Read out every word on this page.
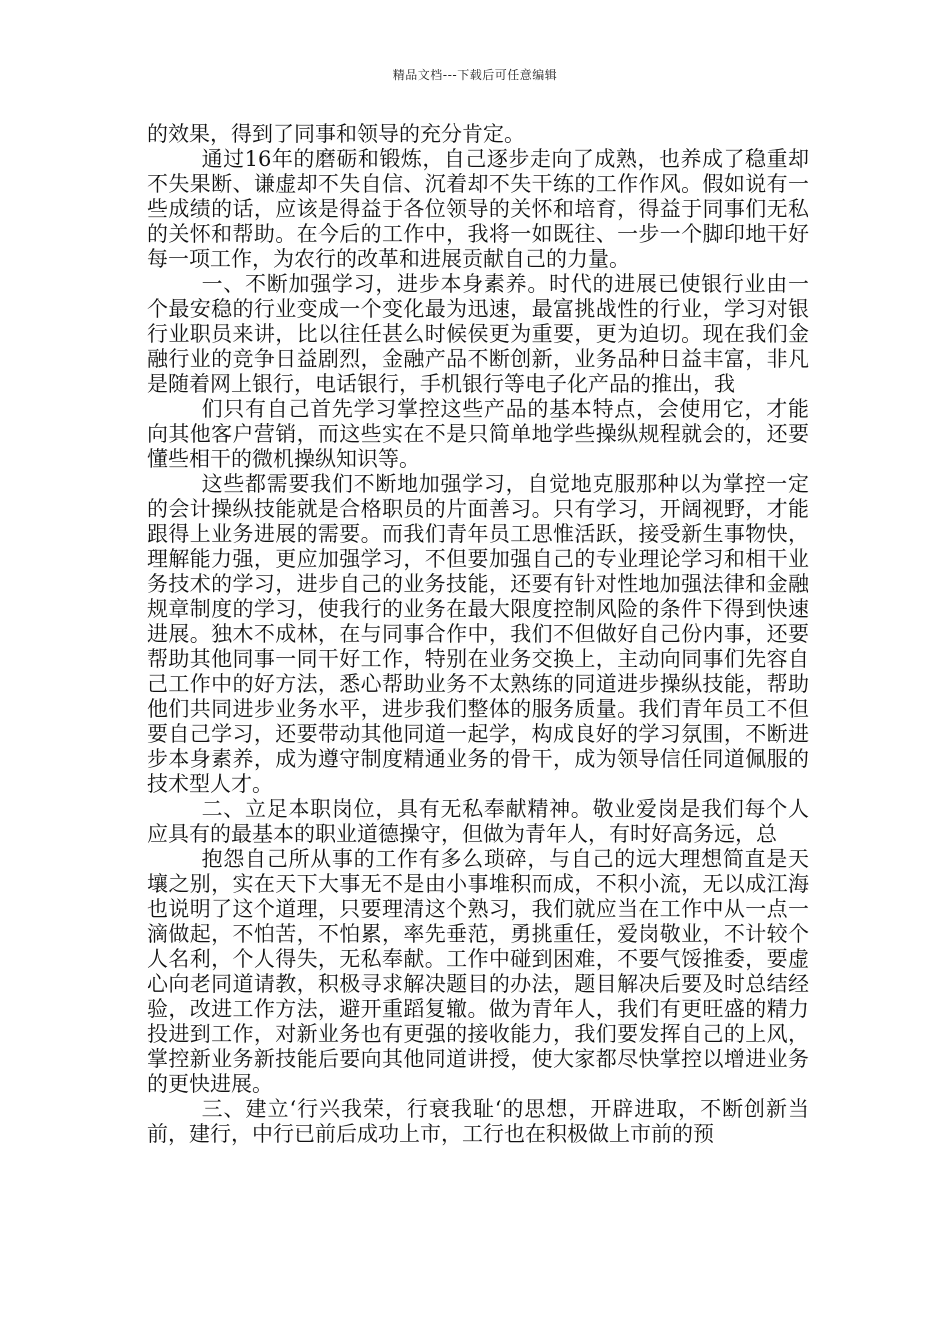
精品文档---下载后可任意编辑

的效果，得到了同事和领导的充分肯定。

通过16年的磨砺和锻炼，自己逐步走向了成熟，也养成了稳重却不失果断、谦虚却不失自信、沉着却不失干练的工作作风。假如说有一些成绩的话，应该是得益于各位领导的关怀和培育，得益于同事们无私的关怀和帮助。在今后的工作中，我将一如既往、一步一个脚印地干好每一项工作，为农行的改革和进展贡献自己的力量。

一、不断加强学习，进步本身素养。时代的进展已使银行业由一个最安稳的行业变成一个变化最为迅速，最富挑战性的行业，学习对银行业职员来讲，比以往任甚么时候侯更为重要，更为迫切。现在我们金融行业的竞争日益剧烈，金融产品不断创新，业务品种日益丰富，非凡是随着网上银行，电话银行，手机银行等电子化产品的推出，我

们只有自己首先学习掌控这些产品的基本特点，会使用它，才能向其他客户营销，而这些实在不是只简单地学些操纵规程就会的，还要懂些相干的微机操纵知识等。

这些都需要我们不断地加强学习，自觉地克服那种以为掌控一定的会计操纵技能就是合格职员的片面善习。只有学习，开阔视野，才能跟得上业务进展的需要。而我们青年员工思惟活跃，接受新生事物快，理解能力强，更应加强学习，不但要加强自己的专业理论学习和相干业务技术的学习，进步自己的业务技能，还要有针对性地加强法律和金融规章制度的学习，使我行的业务在最大限度控制风险的条件下得到快速进展。独木不成林，在与同事合作中，我们不但做好自己份内事，还要帮助其他同事一同干好工作，特别在业务交换上，主动向同事们先容自己工作中的好方法，悉心帮助业务不太熟练的同道进步操纵技能，帮助他们共同进步业务水平，进步我们整体的服务质量。我们青年员工不但要自己学习，还要带动其他同道一起学，构成良好的学习氛围，不断进步本身素养，成为遵守制度精通业务的骨干，成为领导信任同道佩服的技术型人才。

二、立足本职岗位，具有无私奉献精神。敬业爱岗是我们每个人应具有的最基本的职业道德操守，但做为青年人，有时好高务远，总

抱怨自己所从事的工作有多么琐碎，与自己的远大理想简直是天壤之别，实在天下大事无不是由小事堆积而成，不积小流，无以成江海也说明了这个道理，只要理清这个熟习，我们就应当在工作中从一点一滴做起，不怕苦，不怕累，率先垂范，勇挑重任，爱岗敬业，不计较个人名利，个人得失，无私奉献。工作中碰到困难，不要气馁推委，要虚心向老同道请教，积极寻求解决题目的办法，题目解决后要及时总结经验，改进工作方法，避开重蹈复辙。做为青年人，我们有更旺盛的精力投进到工作，对新业务也有更强的接收能力，我们要发挥自己的上风，掌控新业务新技能后要向其他同道讲授，使大家都尽快掌控以增进业务的更快进展。

三、建立‘行兴我荣，行衰我耻‘的思想，开辟进取，不断创新当前，建行，中行已前后成功上市，工行也在积极做上市前的预
